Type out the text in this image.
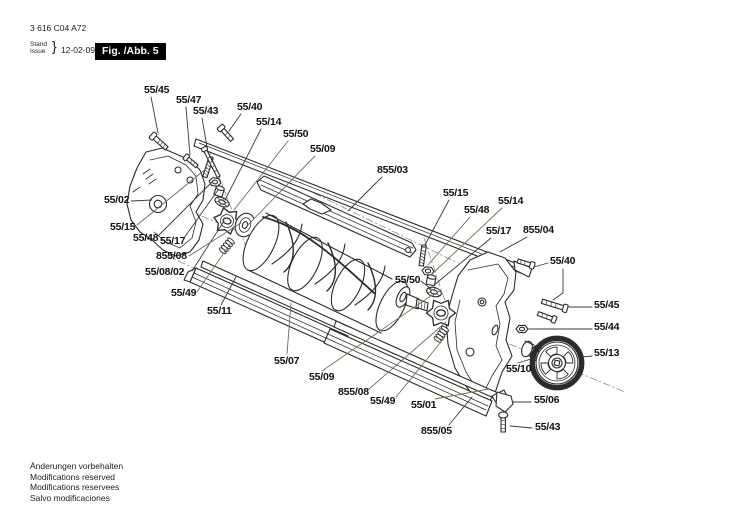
3 616 C04 A72
Stand
Issue } 12-02-09 Fig. /Abb. 5
55/45
55/47
55/43 55/40
55/14
55/50
55/09
855/03
55/02
55/15
55/48 55/17
855/08
55/08/02
55/49
55/11
55/15
55/48
55/14
55/17 855/04
55/40
55/50
55/45
55/44
55/13
55/10
55/07
55/09
855/08
55/49 55/01
855/05
55/06
55/43
Änderungen vorbehalten
Modifications reserved
Modifications reservees
Salvo modificaciones
